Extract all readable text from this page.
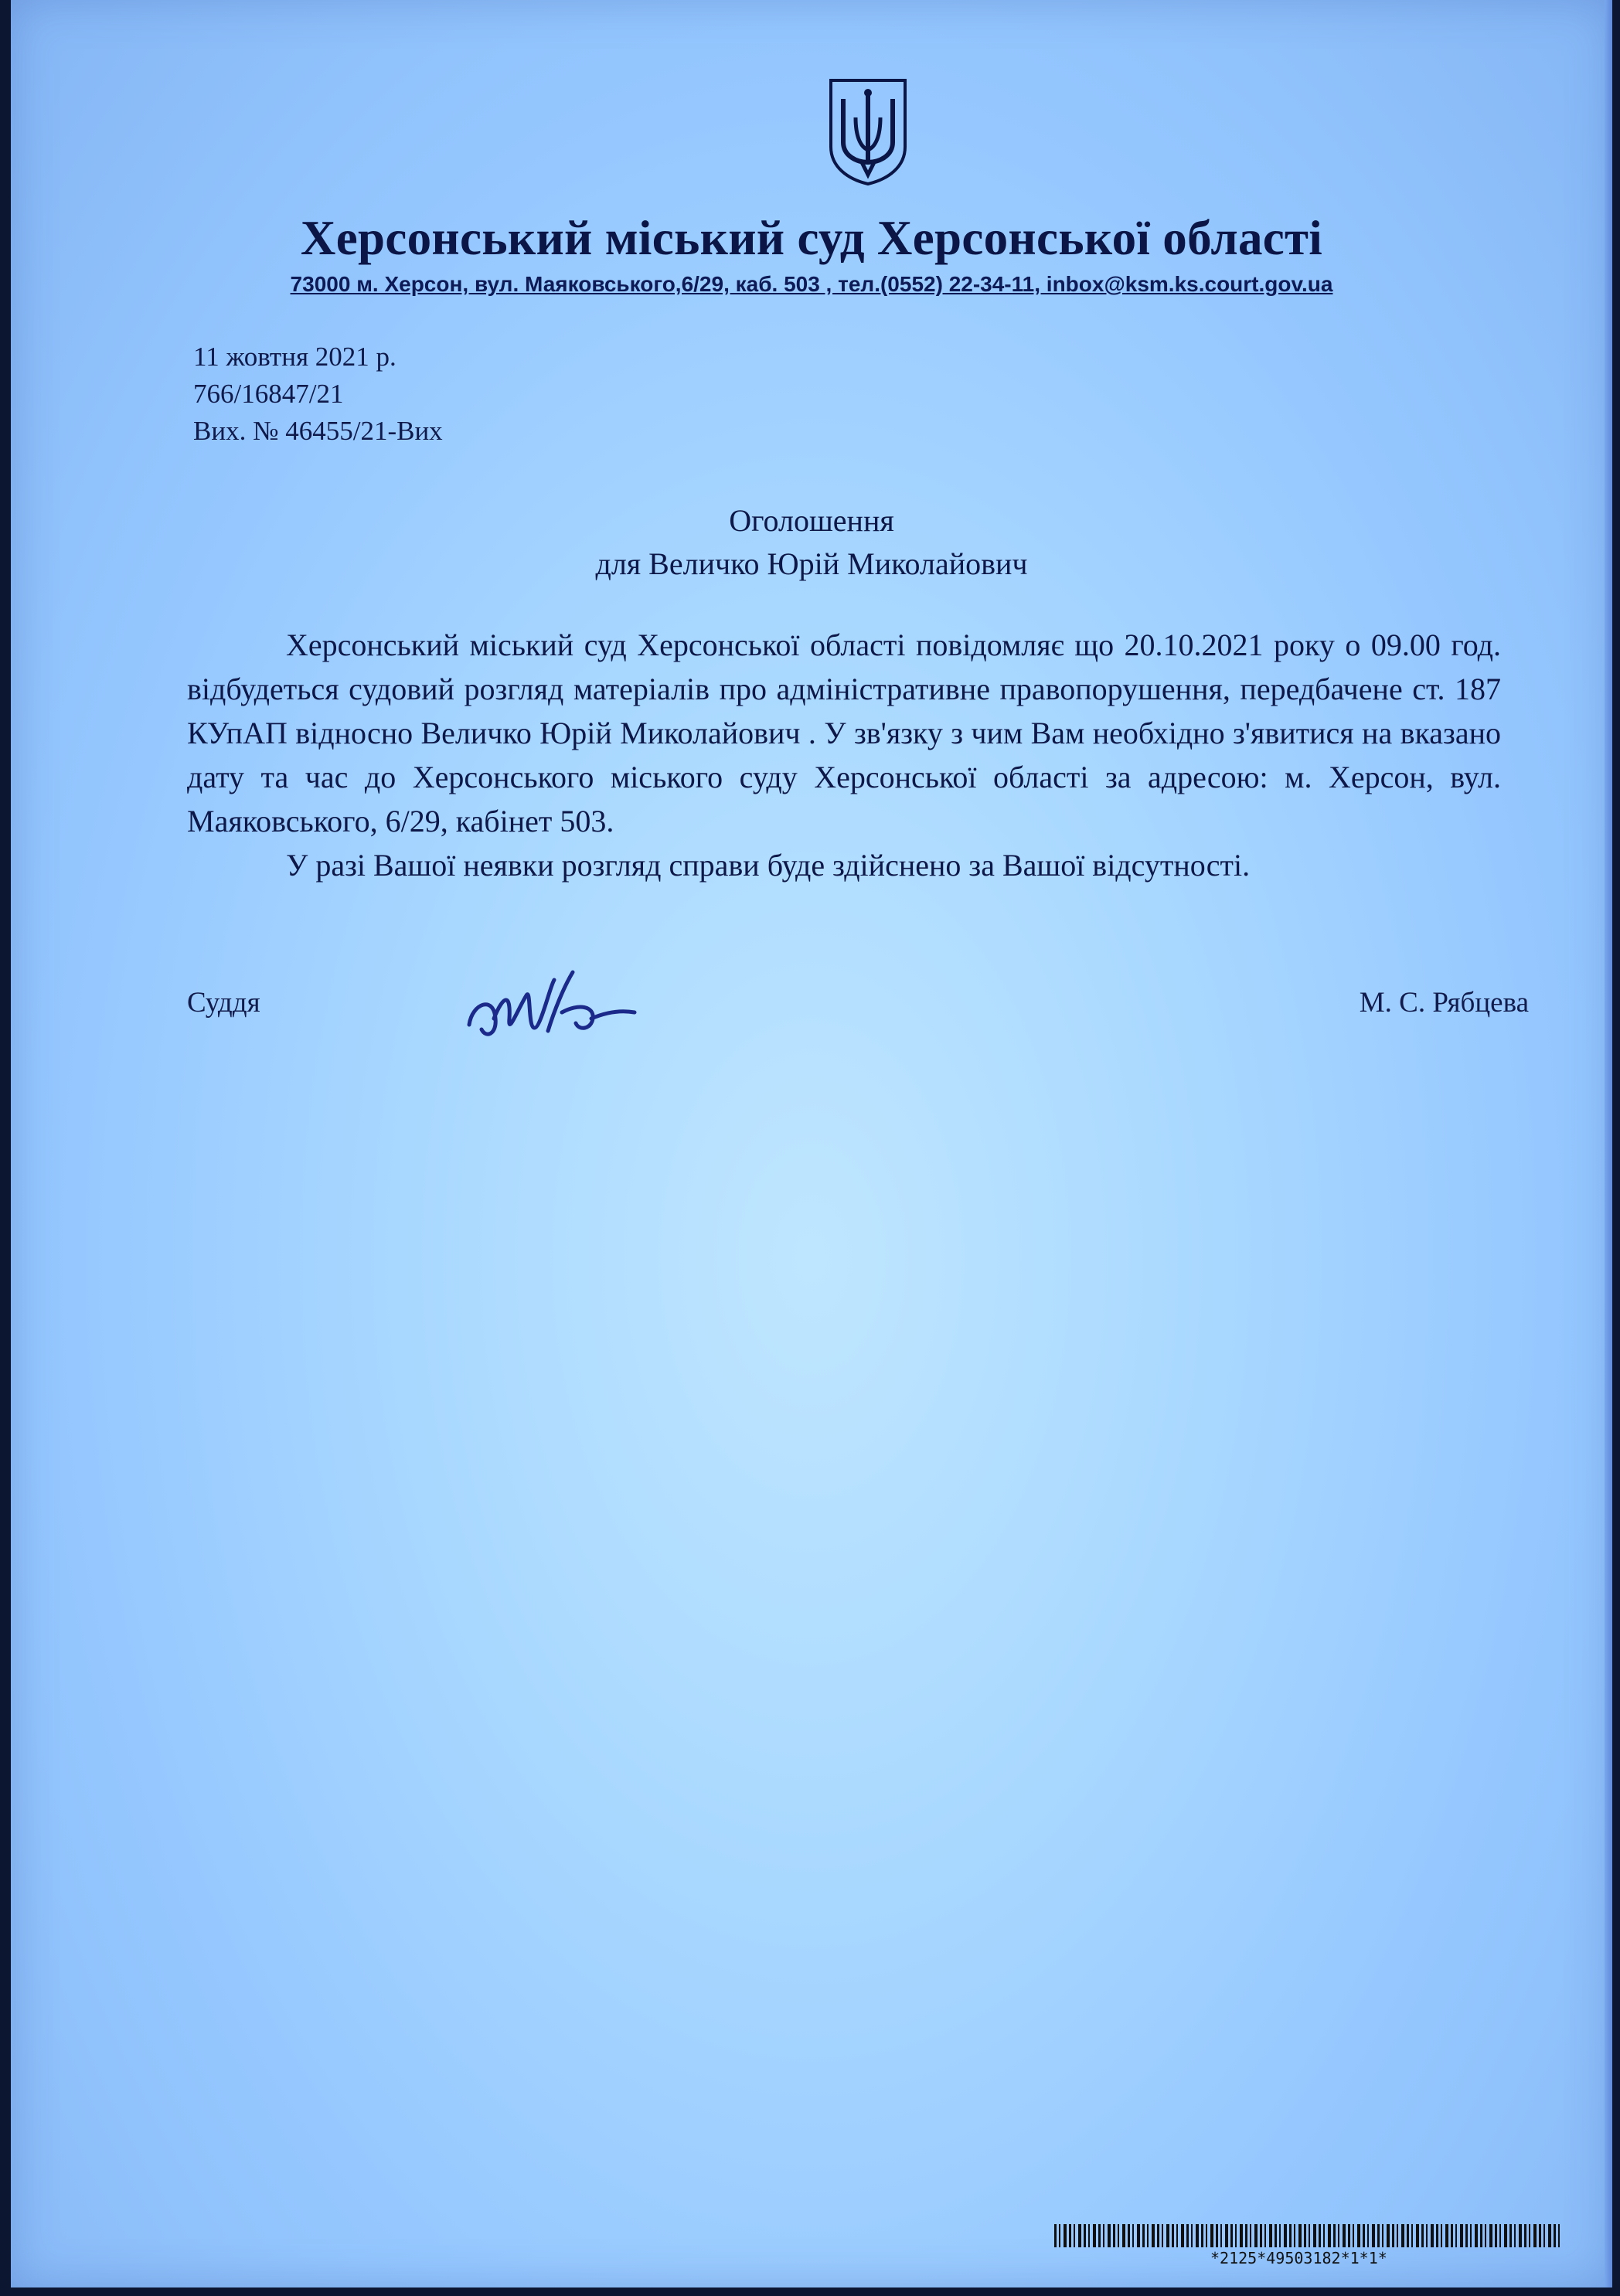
Херсонський міський суд Херсонської області
73000 м. Херсон, вул. Маяковського,6/29, каб. 503 , тел.(0552) 22-34-11, inbox@ksm.ks.court.gov.ua
11 жовтня 2021 р.
766/16847/21
Вих. № 46455/21-Вих
Оголошення
для Величко Юрій Миколайович

Херсонський міський суд Херсонської області повідомляє що 20.10.2021 року о 09.00 год. відбудеться судовий розгляд матеріалів про адміністративне правопорушення, передбачене ст. 187 КУпАП відносно Величко Юрій Миколайович . У зв'язку з чим Вам необхідно з'явитися на вказано дату та час до Херсонського міського суду Херсонської області за адресою: м. Херсон, вул. Маяковського, 6/29, кабінет 503.

У разі Вашої неявки розгляд справи буде здійснено за Вашої відсутності.

Суддя	М. С. Рябцева
*2125*49503182*1*1*
